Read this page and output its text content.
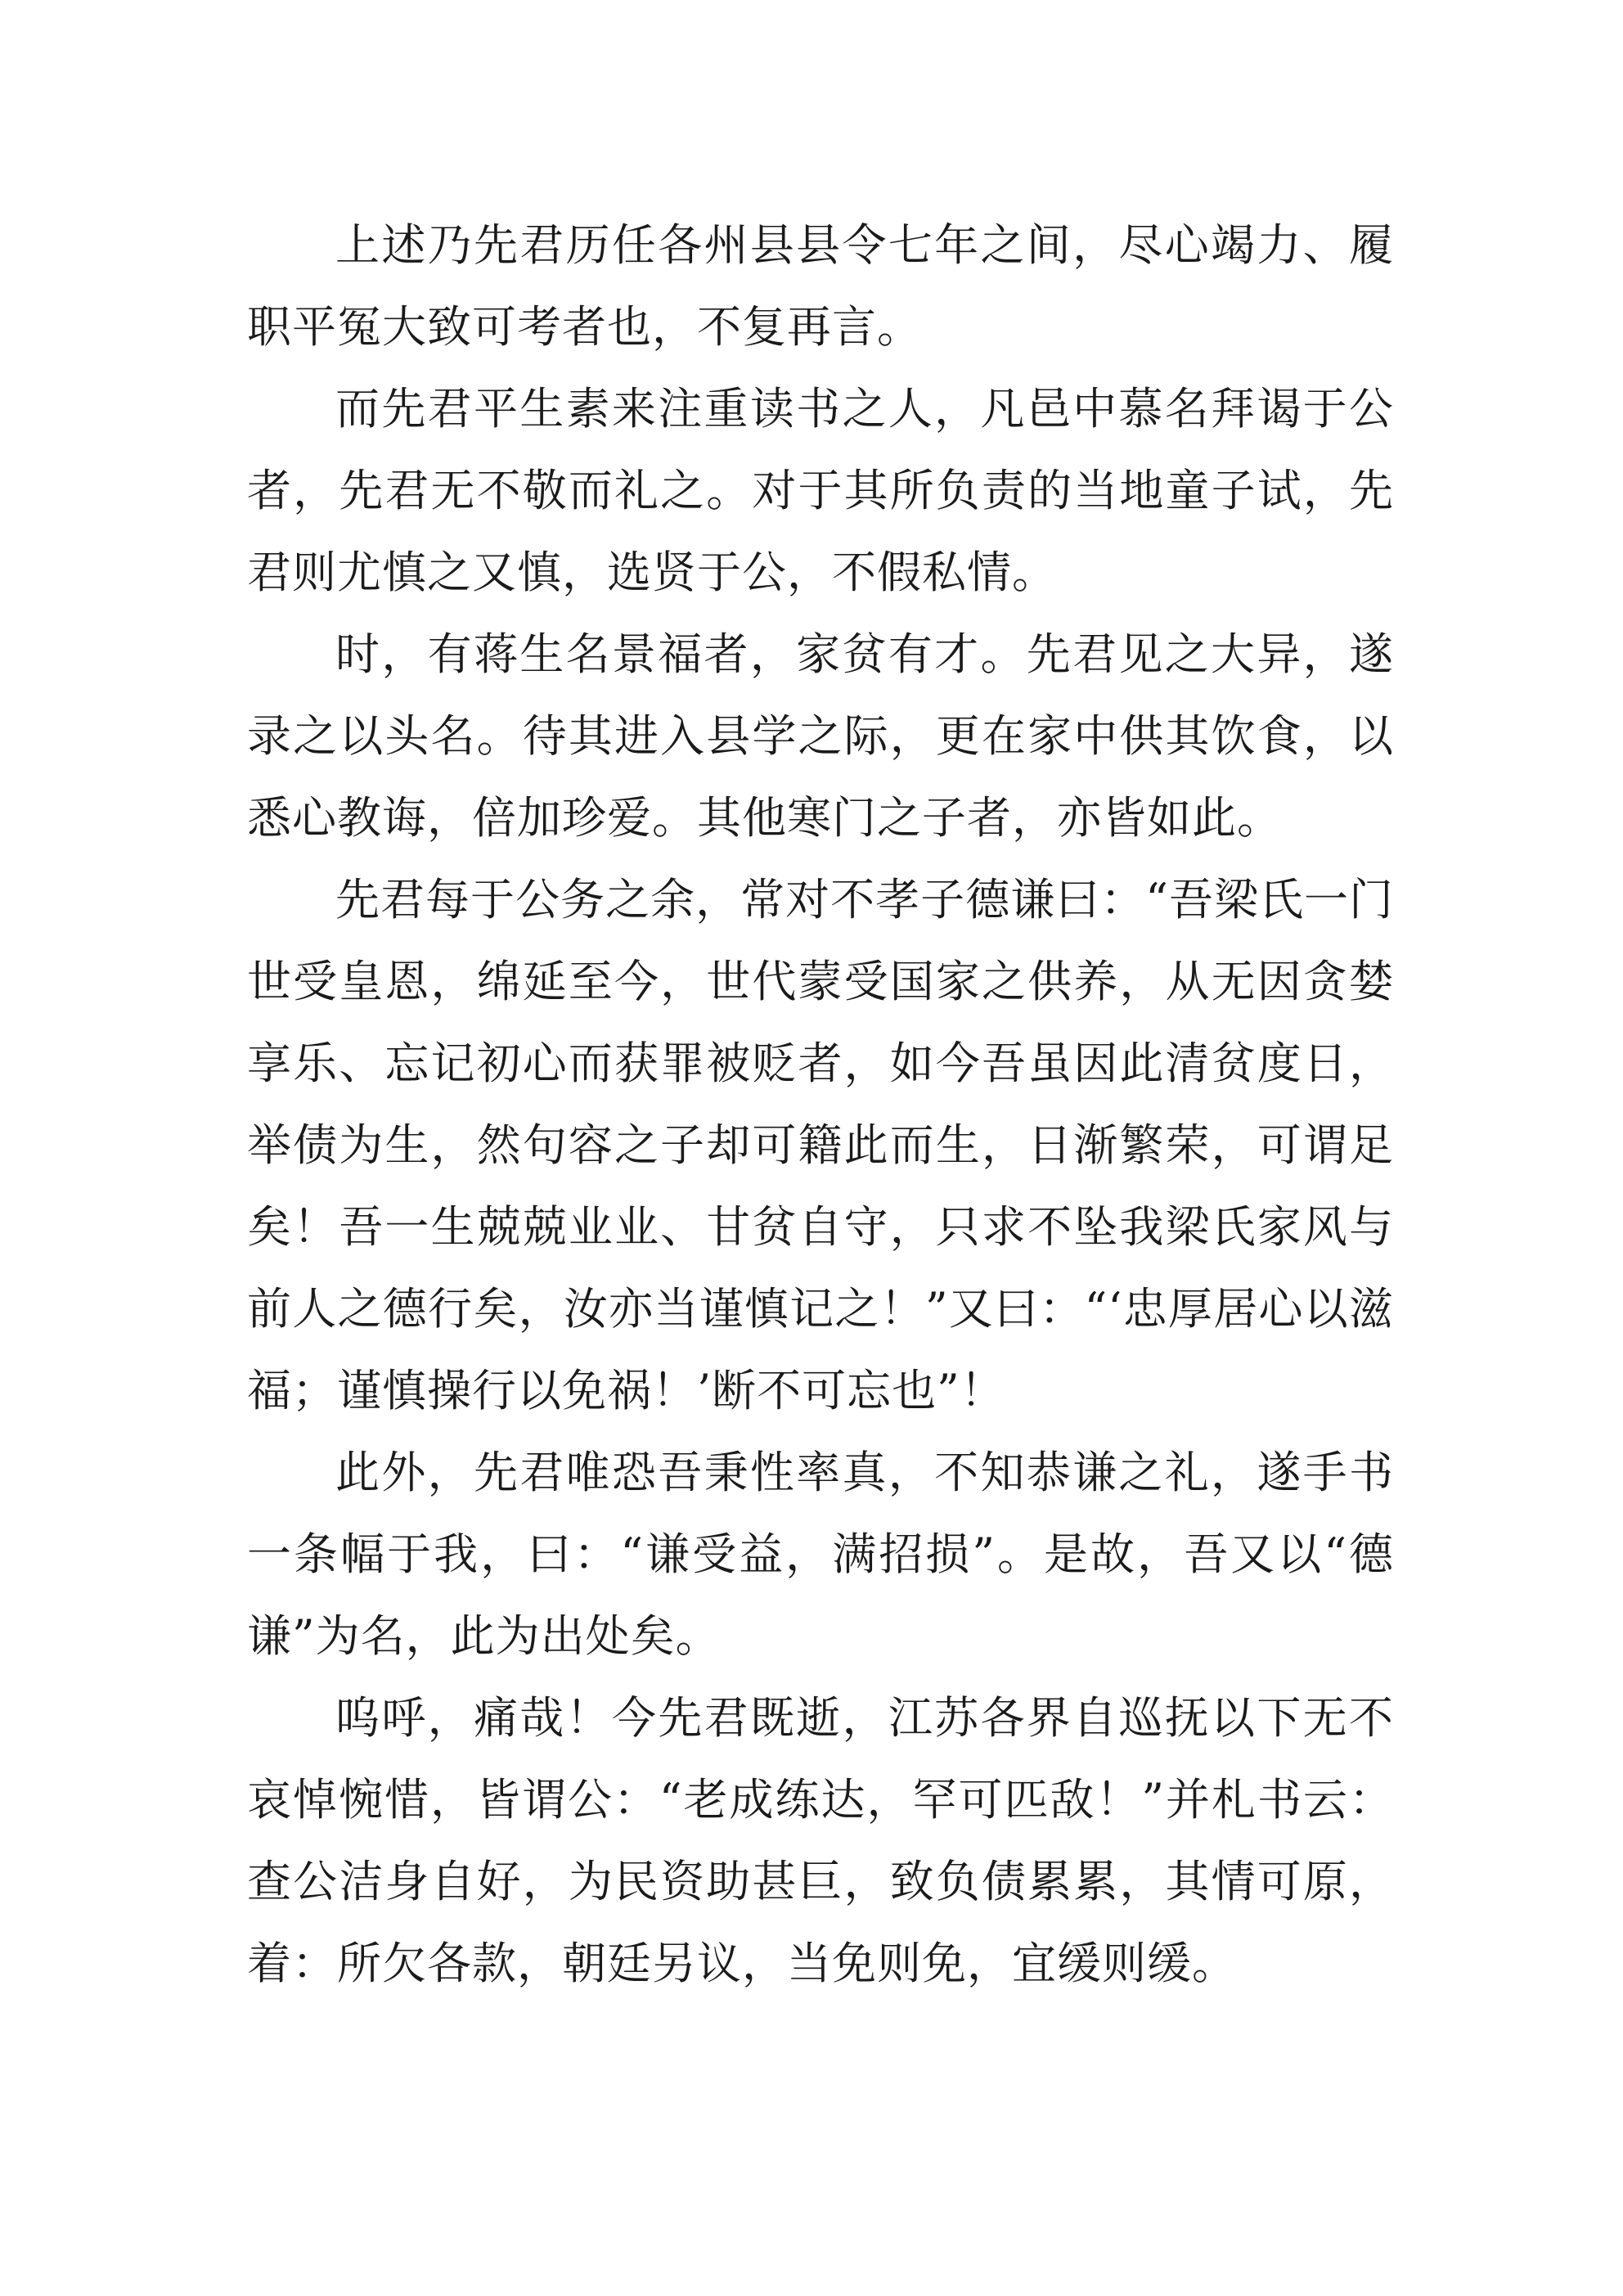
上述乃先君历任各州县县令七年之间，尽心竭力、履职平冤大致可考者也，不复再言。

而先君平生素来注重读书之人，凡邑中慕名拜谒于公者，先君无不敬而礼之。对于其所负责的当地童子试，先君则尤慎之又慎，选贤于公，不假私情。

时，有蒋生名景福者，家贫有才。先君见之大异，遂录之以头名。待其进入县学之际，更在家中供其饮食，以悉心教诲，倍加珍爱。其他寒门之子者，亦皆如此。

先君每于公务之余，常对不孝子德谦曰：“吾梁氏一门世受皇恩，绵延至今，世代蒙受国家之供养，从无因贪婪享乐、忘记初心而获罪被贬者，如今吾虽因此清贫度日，举债为生，然句容之子却可籍此而生，日渐繁荣，可谓足矣！吾一生兢兢业业、甘贫自守，只求不坠我梁氏家风与前人之德行矣，汝亦当谨慎记之！”又曰：“‘忠厚居心以滋福；谨慎操行以免祸！’断不可忘也”！

此外，先君唯恐吾秉性率真，不知恭谦之礼，遂手书一条幅于我，曰：“谦受益，满招损”。是故，吾又以“德谦”为名，此为出处矣。

呜呼，痛哉！今先君既逝，江苏各界自巡抚以下无不哀悼惋惜，皆谓公：“老成练达，罕可匹敌！”并札书云：查公洁身自好，为民资助甚巨，致负债累累，其情可原，着：所欠各款，朝廷另议，当免则免，宜缓则缓。
